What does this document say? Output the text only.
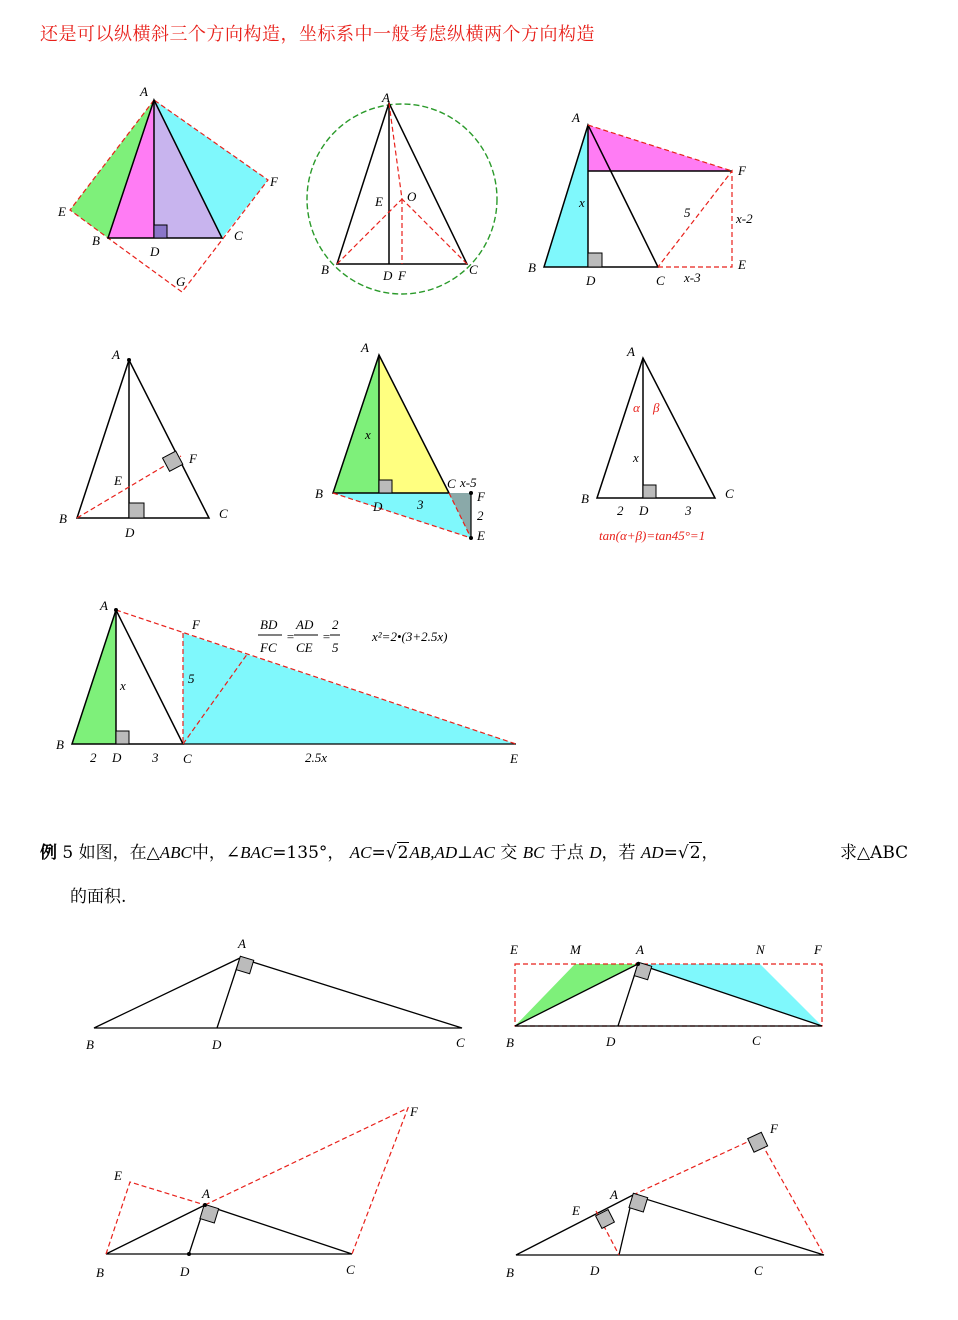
还是可以纵横斜三个方向构造，坐标系中一般考虑纵横两个方向构造
A
B	C
D
E
F
G
A
B	C
D F
E O
A
B
C
D
E
F
x
5	x-2
x-3
A
B	C
D
E
F
A
B
C
D
E
F
x
x-5
3
2
A
B	C
D
α β
x
2	3
tan(α+β)=tan45°=1
A
B
C
D	E
F
x
2	3
5
2.5x
BD
FC
=
AD
CE
=
2
5
x²=2•(3+2.5x)
例 5 如图，在△ABC中，∠BAC=135°， AC=√2AB,AD⊥AC 交 BC 于点 D，若 AD=√2，	求△ABC
的面积.
A
B	C
D
A
B	C
D
E	F
M	N
A
B	C
D
E
F
A
B	C
D
E
F
